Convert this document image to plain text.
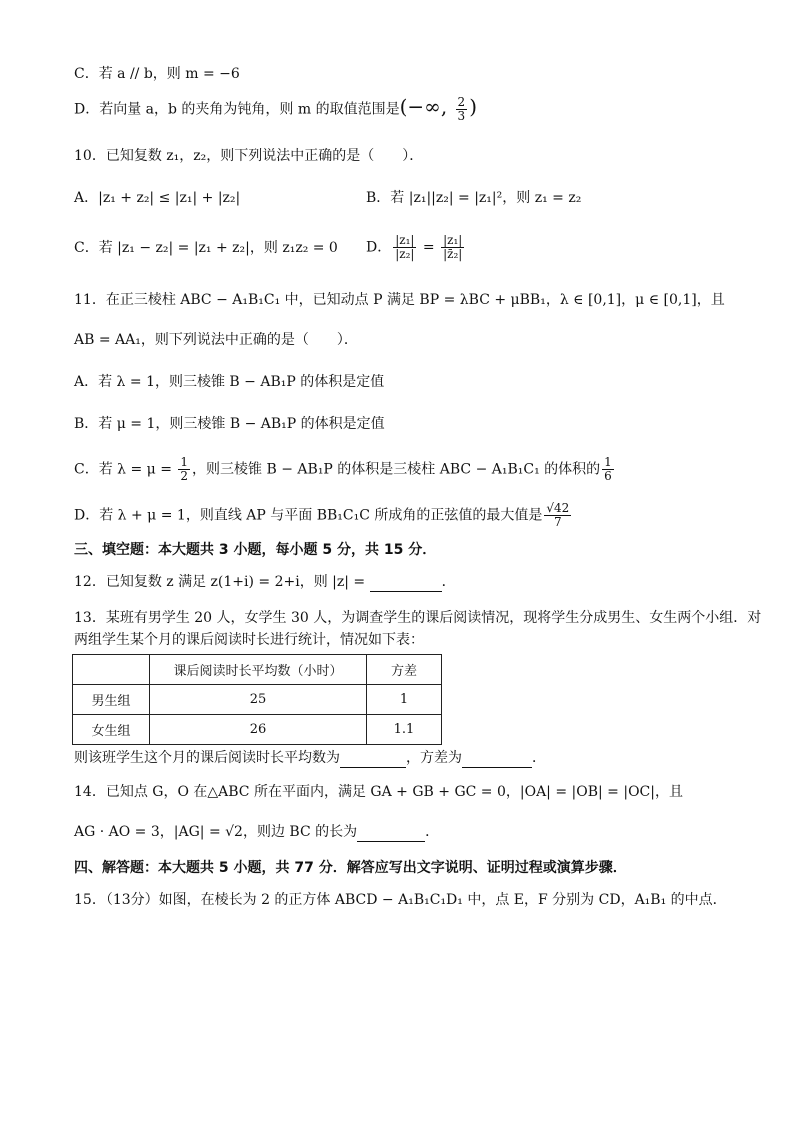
C．若 a // b，则 m = −6
D．若向量 a，b 的夹角为钝角，则 m 的取值范围是(−∞, $\frac{2}{3}$ )
10．已知复数 z₁，z₂，则下列说法中正确的是（　　）．
A．|z₁ + z₂| ≤ |z₁| + |z₂|	B．若 |z₁||z₂| = |z₁|²，则 z₁ = z₂
C．若 |z₁ − z₂| = |z₁ + z₂|，则 z₁z₂ = 0 D． $\frac{\text{|z₁|}}{\text{|z₂|}} = \frac{\text{|z₁|}}{\text{|z̄₂|}}$
11．在正三棱柱 ABC − A₁B₁C₁ 中，已知动点 P 满足 BP = λBC + μBB₁，λ ∈ [0,1]，μ ∈ [0,1]，且
AB = AA₁，则下列说法中正确的是（　　）．
A．若 λ = 1，则三棱锥 B − AB₁P 的体积是定值
B．若 μ = 1，则三棱锥 B − AB₁P 的体积是定值
C．若 $\lambda = \mu = \frac{1}{2}$ ，则三棱锥 B − AB₁P 的体积是三棱柱 ABC − A₁B₁C₁ 的体积的 $\frac{1}{6}$
D．若 λ + μ = 1，则直线 AP 与平面 BB₁C₁C 所成角的正弦值的最大值是 $\frac{√42}{7}$
三、填空题：本大题共 3 小题，每小题 5 分，共 15 分．
12．已知复数 z 满足 z(1+i) = 2+i，则 |z| =	．
13．某班有男学生 20 人，女学生 30 人，为调查学生的课后阅读情况，现将学生分成男生、女生两个小组．对
两组学生某个月的课后阅读时长进行统计，情况如下表：
	课后阅读时长平均数（小时）	方差
男生组	25	1
女生组	26	1.1
则该班学生这个月的课后阅读时长平均数为	，方差为	．
14．已知点 G，O 在△ABC 所在平面内，满足 GA + GB + GC = 0，|OA| = |OB| = |OC|，且
AG · AO = 3，|AG| = √2，则边 BC 的长为	．
四、解答题：本大题共 5 小题，共 77 分．解答应写出文字说明、证明过程或演算步骤．
15．（13分）如图，在棱长为 2 的正方体 ABCD − A₁B₁C₁D₁ 中，点 E，F 分别为 CD，A₁B₁ 的中点．
